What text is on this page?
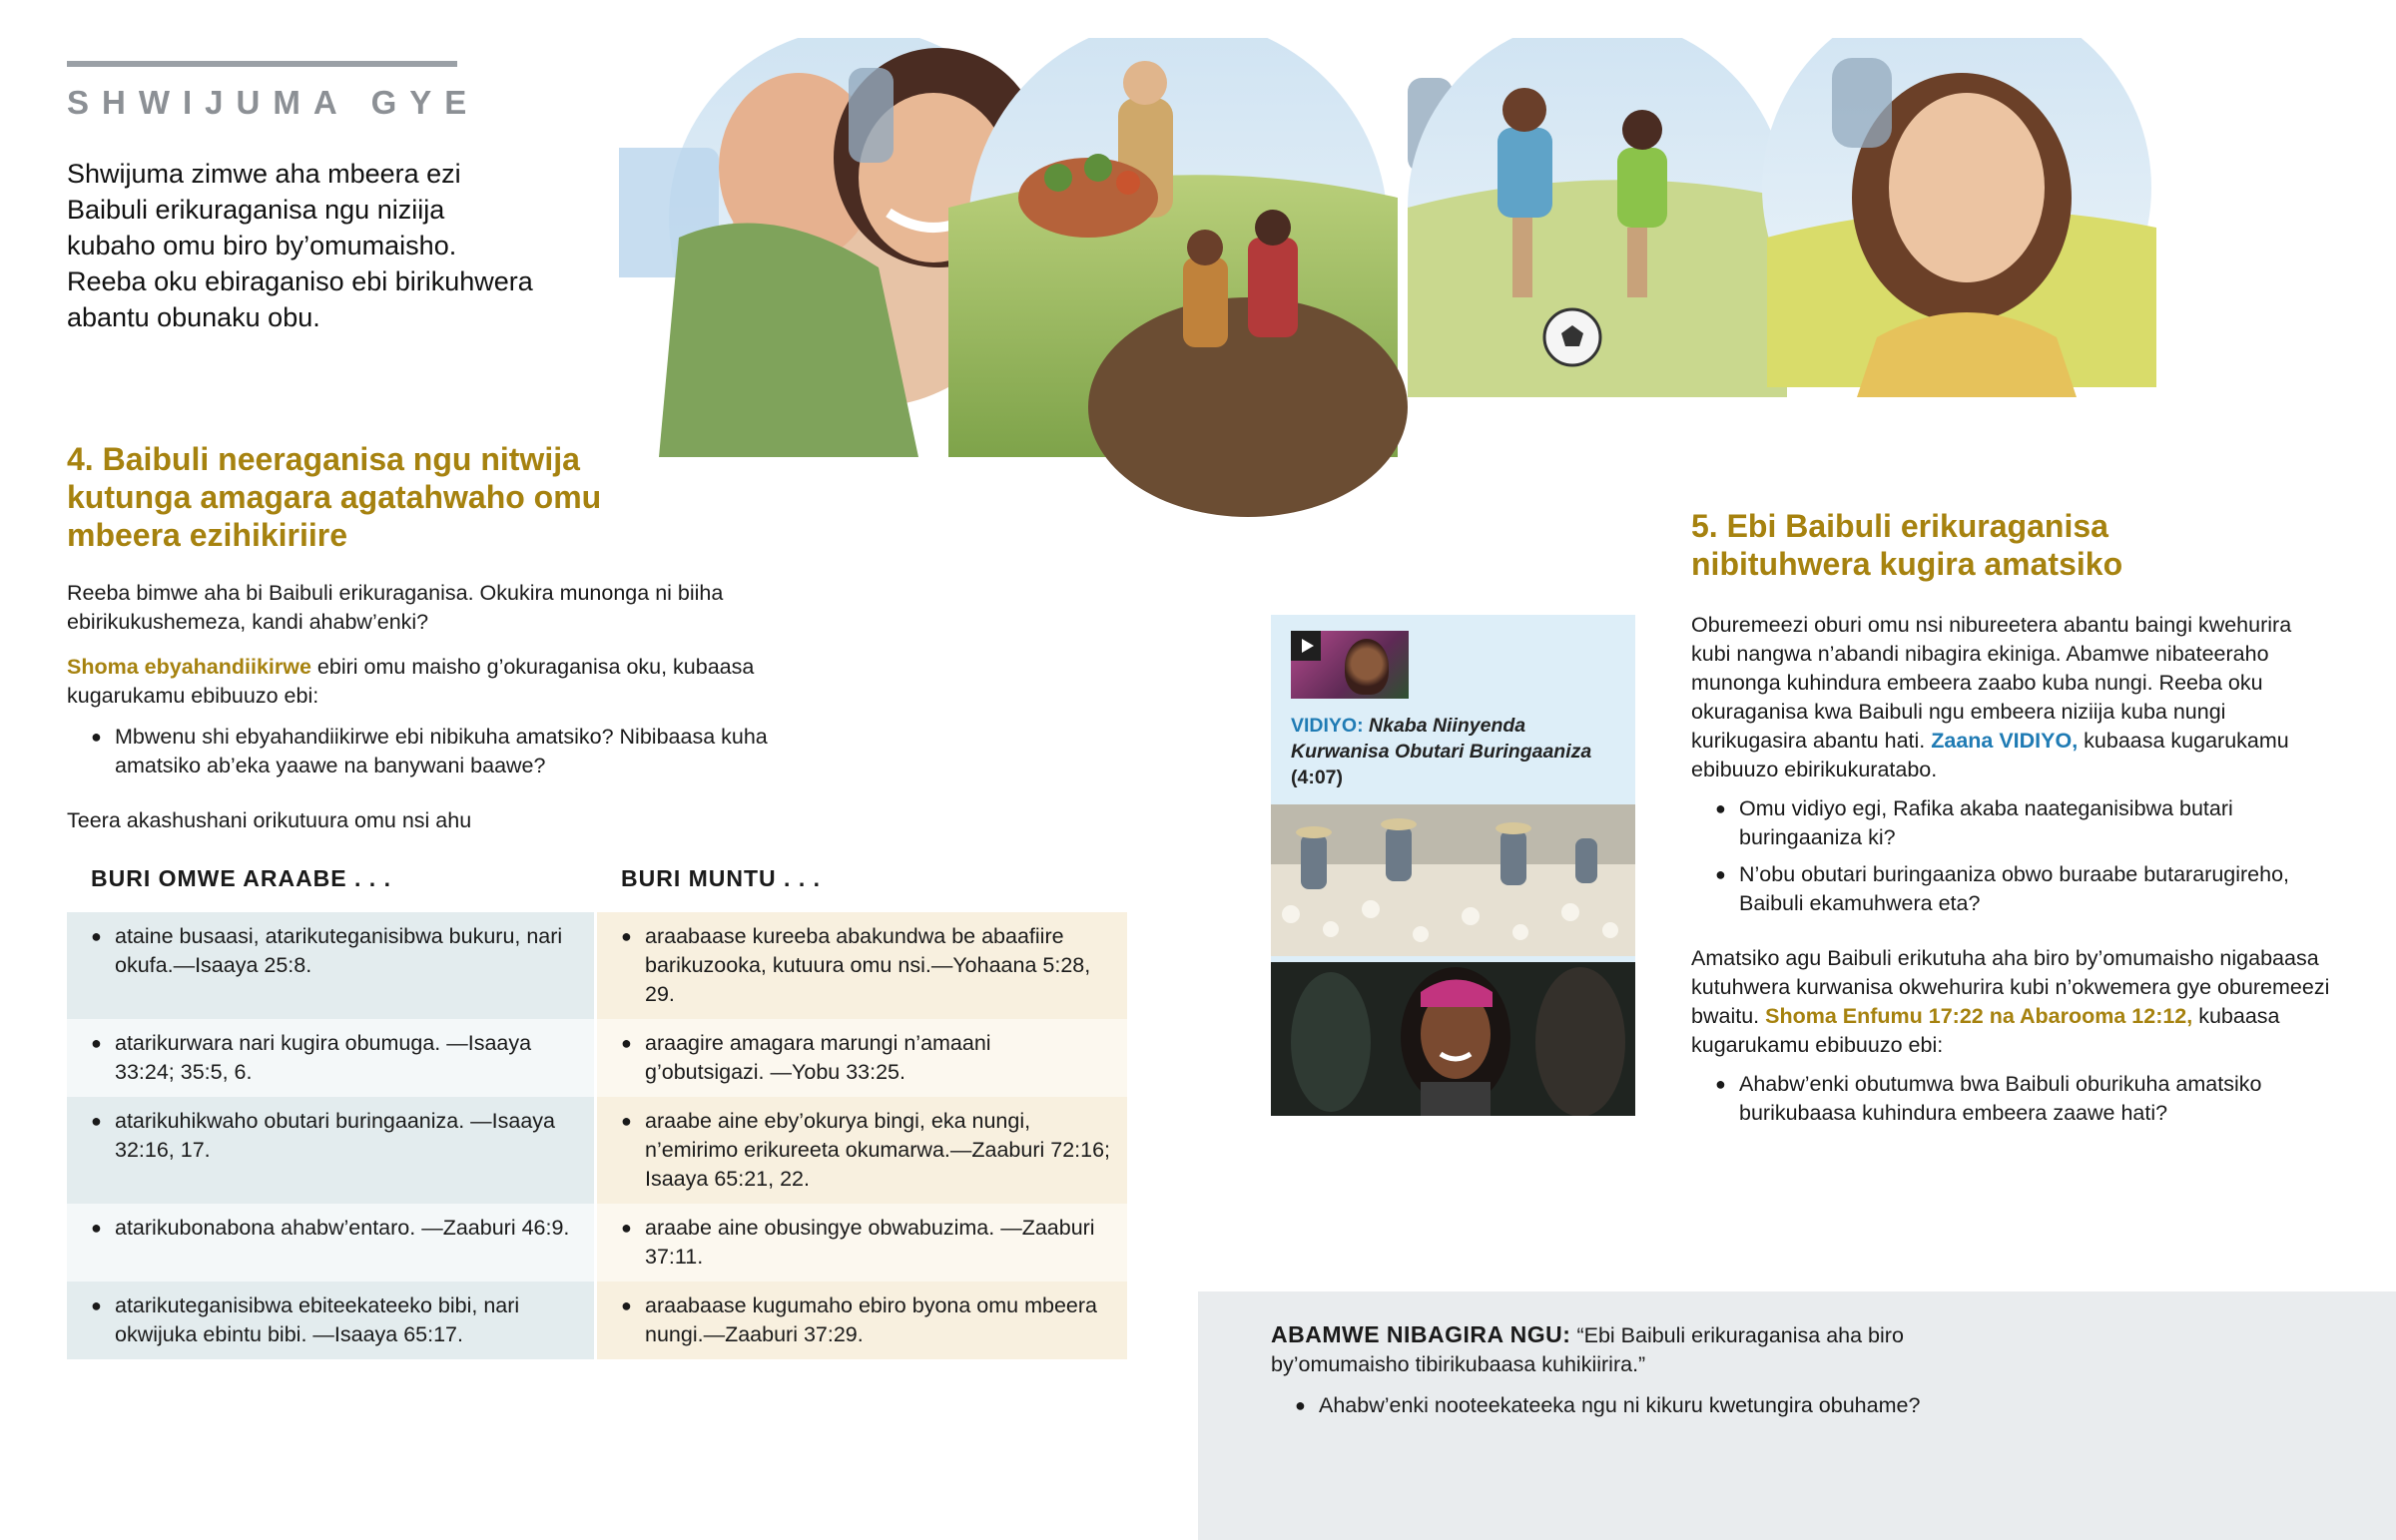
SHWIJUMA GYE

Shwijuma zimwe aha mbeera ezi Baibuli erikuraganisa ngu niziija kubaho omu biro by’omumaisho. Reeba oku ebiraganiso ebi birikuhwera abantu obunaku obu.

4. Baibuli neeraganisa ngu nitwija kutunga amagara agatahwaho omu mbeera ezihikiriire

Reeba bimwe aha bi Baibuli erikuraganisa. Okukira munonga ni biiha ebirikukushemeza, kandi ahabw’enki?

Shoma ebyahandiikirwe ebiri omu maisho g’okuraganisa oku, kubaasa kugarukamu ebibuuzo ebi:

● Mbwenu shi ebyahandiikirwe ebi nibikuha amatsiko? Nibibaasa kuha amatsiko ab’eka yaawe na banywani baawe?

Teera akashushani orikutuura omu nsi ahu

BURI OMWE ARAABE . . .	BURI MUNTU . . .
● ataine busaasi, atarikuteganisibwa bukuru, nari okufa.—Isaaya 25:8.
● araabaase kureeba abakundwa be abaafiire barikuzooka, kutuura omu nsi.—Yohaana 5:28, 29.
● atarikurwara nari kugira obumuga. —Isaaya 33:24; 35:5, 6.
● araagire amagara marungi n’amaani g’obutsigazi. —Yobu 33:25.
● atarikuhikwaho obutari buringaaniza. —Isaaya 32:16, 17.
● araabe aine eby’okurya bingi, eka nungi, n’emirimo erikureeta okumarwa.—Zaaburi 72:16; Isaaya 65:21, 22.
● atarikubonabona ahabw’entaro. —Zaaburi 46:9.	● araabe aine obusingye obwabuzima. —Zaaburi 37:11.
● atarikuteganisibwa ebiteekateeko bibi, nari okwijuka ebintu bibi. —Isaaya 65:17.
● araabaase kugumaho ebiro byona omu mbeera nungi.—Zaaburi 37:29.
VIDIYO: Nkaba Niinyenda Kurwanisa Obutari Buringaaniza (4:07)
5. Ebi Baibuli erikuraganisa nibituhwera kugira amatsiko

Oburemeezi oburi omu nsi nibureetera abantu baingi kwehurira kubi nangwa n’abandi nibagira ekiniga. Abamwe nibateeraho munonga kuhindura embeera zaabo kuba nungi. Reeba oku okuraganisa kwa Baibuli ngu embeera niziija kuba nungi kurikugasira abantu hati. Zaana VIDIYO, kubaasa kugarukamu ebibuuzo ebirikukuratabo.

● Omu vidiyo egi, Rafika akaba naateganisibwa butari buringaaniza ki?
● N’obu obutari buringaaniza obwo buraabe butararugireho, Baibuli ekamuhwera eta?

Amatsiko agu Baibuli erikutuha aha biro by’omumaisho nigabaasa kutuhwera kurwanisa okwehurira kubi n’okwemera gye oburemeezi bwaitu. Shoma Enfumu 17:22 na Abarooma 12:12, kubaasa kugarukamu ebibuuzo ebi:

● Ahabw’enki obutumwa bwa Baibuli oburikuha amatsiko burikubaasa kuhindura embeera zaawe hati?

ABAMWE NIBAGIRA NGU: “Ebi Baibuli erikuraganisa aha biro by’omumaisho tibirikubaasa kuhikiirira.”

● Ahabw’enki nooteekateeka ngu ni kikuru kwetungira obuhame?
